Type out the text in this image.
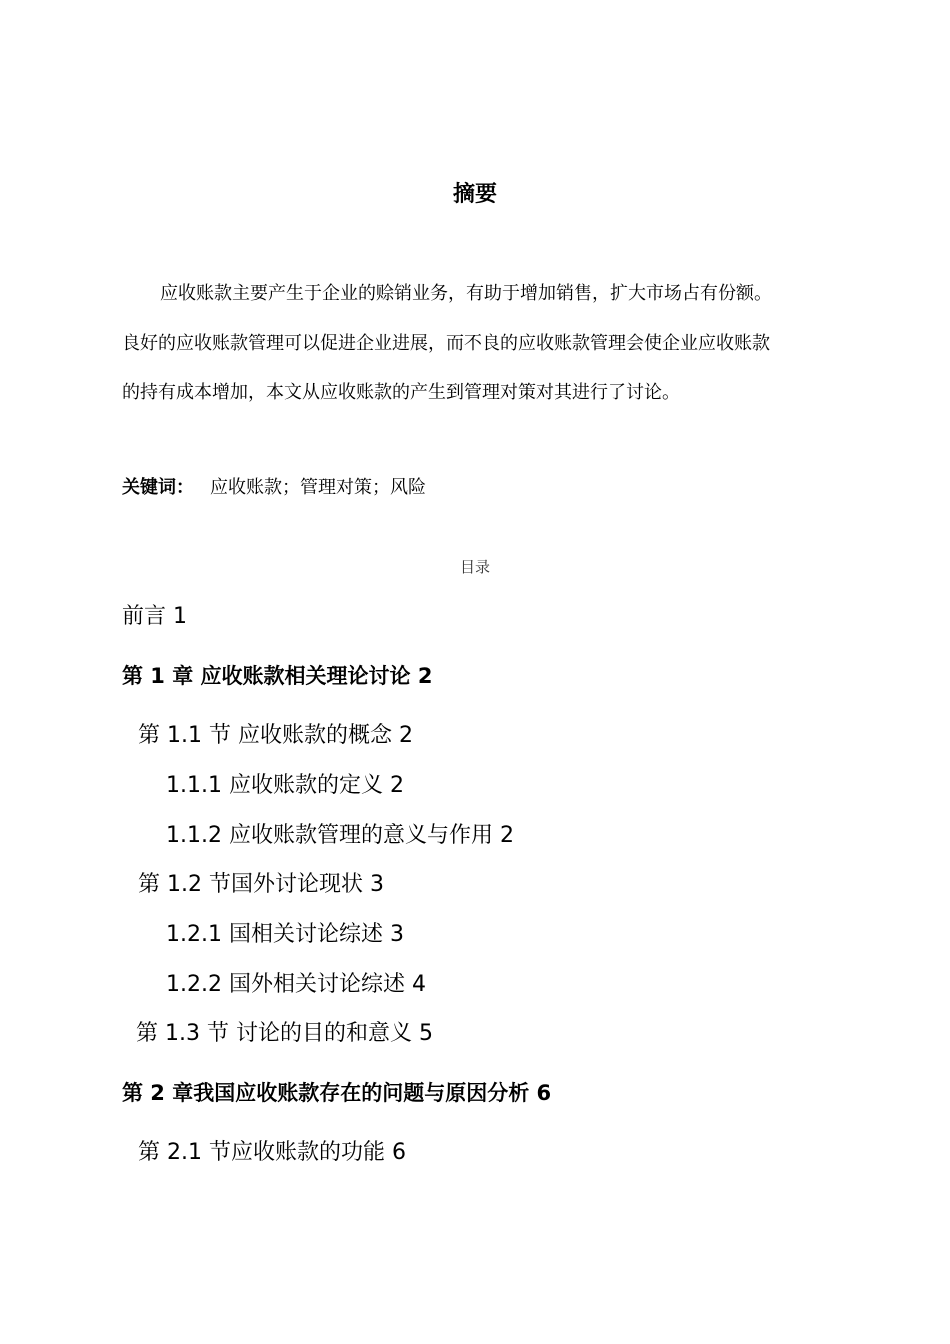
摘要
应收账款主要产生于企业的赊销业务，有助于增加销售，扩大市场占有份额。
良好的应收账款管理可以促进企业进展，而不良的应收账款管理会使企业应收账款
的持有成本增加，本文从应收账款的产生到管理对策对其进行了讨论。
关键词： 应收账款；管理对策；风险
目录
前言 1
第 1 章 应收账款相关理论讨论 2
第 1.1 节 应收账款的概念 2
1.1.1 应收账款的定义 2
1.1.2 应收账款管理的意义与作用 2
第 1.2 节国外讨论现状 3
1.2.1 国相关讨论综述 3
1.2.2 国外相关讨论综述 4
第 1.3 节 讨论的目的和意义 5
第 2 章我国应收账款存在的问题与原因分析 6
第 2.1 节应收账款的功能 6
